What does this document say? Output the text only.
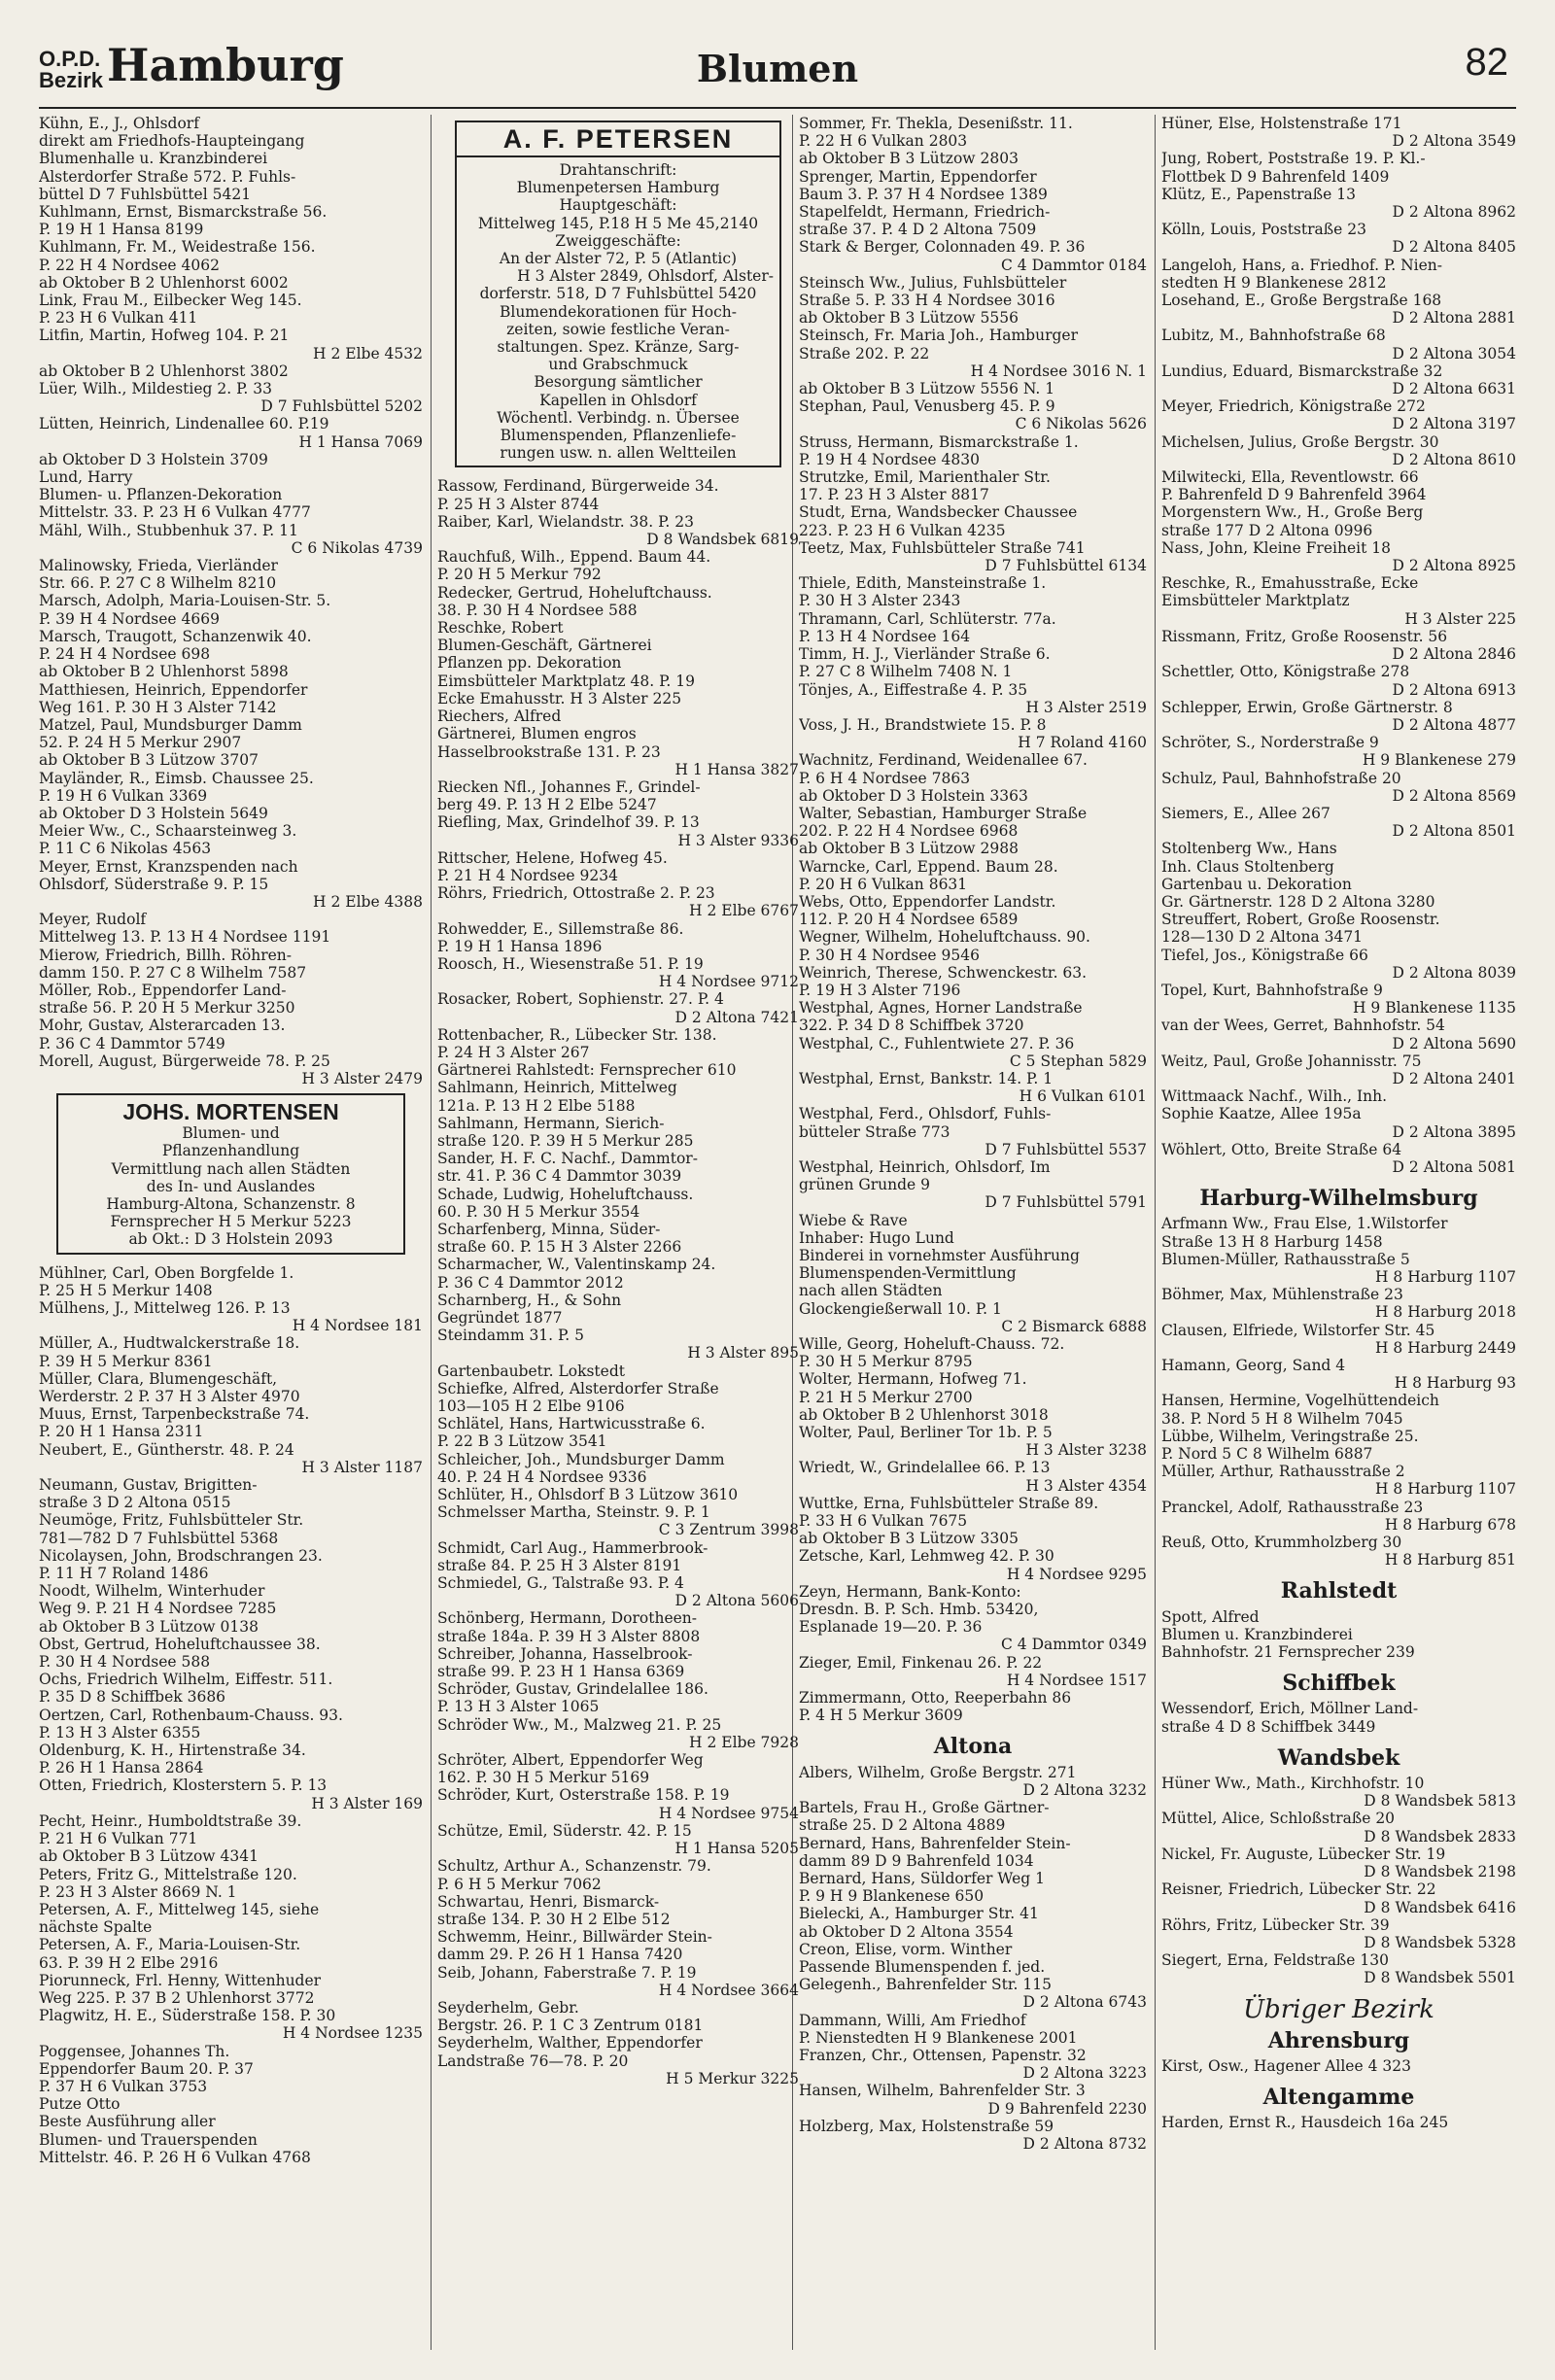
O.P.D.
Bezirk Hamburg	Blumen	82
Kühn, E., J., Ohlsdorf
direkt am Friedhofs-Haupteingang
Blumenhalle u. Kranzbinderei
Alsterdorfer Straße 572. P. Fuhls-
büttel D 7 Fuhlsbüttel 5421
Kuhlmann, Ernst, Bismarckstraße 56.
P. 19 H 1 Hansa 8199
Kuhlmann, Fr. M., Weidestraße 156.
P. 22 H 4 Nordsee 4062
ab Oktober B 2 Uhlenhorst 6002
Link, Frau M., Eilbecker Weg 145.
P. 23 H 6 Vulkan 411
Litfin, Martin, Hofweg 104. P. 21
H 2 Elbe 4532
ab Oktober B 2 Uhlenhorst 3802
Lüer, Wilh., Mildestieg 2. P. 33
D 7 Fuhlsbüttel 5202
Lütten, Heinrich, Lindenallee 60. P.19
H 1 Hansa 7069
ab Oktober D 3 Holstein 3709
Lund, Harry
Blumen- u. Pflanzen-Dekoration
Mittelstr. 33. P. 23 H 6 Vulkan 4777
Mähl, Wilh., Stubbenhuk 37. P. 11
C 6 Nikolas 4739
Malinowsky, Frieda, Vierländer
Str. 66. P. 27 C 8 Wilhelm 8210
Marsch, Adolph, Maria-Louisen-Str. 5.
P. 39 H 4 Nordsee 4669
Marsch, Traugott, Schanzenwik 40.
P. 24 H 4 Nordsee 698
ab Oktober B 2 Uhlenhorst 5898
Matthiesen, Heinrich, Eppendorfer
Weg 161. P. 30 H 3 Alster 7142
Matzel, Paul, Mundsburger Damm
52. P. 24 H 5 Merkur 2907
ab Oktober B 3 Lützow 3707
Mayländer, R., Eimsb. Chaussee 25.
P. 19 H 6 Vulkan 3369
ab Oktober D 3 Holstein 5649
Meier Ww., C., Schaarsteinweg 3.
P. 11 C 6 Nikolas 4563
Meyer, Ernst, Kranzspenden nach
Ohlsdorf, Süderstraße 9. P. 15
H 2 Elbe 4388
Meyer, Rudolf
Mittelweg 13. P. 13 H 4 Nordsee 1191
Mierow, Friedrich, Billh. Röhren-
damm 150. P. 27 C 8 Wilhelm 7587
Möller, Rob., Eppendorfer Land-
straße 56. P. 20 H 5 Merkur 3250
Mohr, Gustav, Alsterarcaden 13.
P. 36 C 4 Dammtor 5749
Morell, August, Bürgerweide 78. P. 25
H 3 Alster 2479
JOHS. MORTENSEN
Blumen- und
Pflanzenhandlung
Vermittlung nach allen Städten
des In- und Auslandes
Hamburg-Altona, Schanzenstr. 8
Fernsprecher H 5 Merkur 5223
ab Okt.: D 3 Holstein 2093
Mühlner, Carl, Oben Borgfelde 1.
P. 25 H 5 Merkur 1408
Mülhens, J., Mittelweg 126. P. 13
H 4 Nordsee 181
Müller, A., Hudtwalckerstraße 18.
P. 39 H 5 Merkur 8361
Müller, Clara, Blumengeschäft,
Werderstr. 2 P. 37 H 3 Alster 4970
Muus, Ernst, Tarpenbeckstraße 74.
P. 20 H 1 Hansa 2311
Neubert, E., Güntherstr. 48. P. 24
H 3 Alster 1187
Neumann, Gustav, Brigitten-
straße 3 D 2 Altona 0515
Neumöge, Fritz, Fuhlsbütteler Str.
781—782 D 7 Fuhlsbüttel 5368
Nicolaysen, John, Brodschrangen 23.
P. 11 H 7 Roland 1486
Noodt, Wilhelm, Winterhuder
Weg 9. P. 21 H 4 Nordsee 7285
ab Oktober B 3 Lützow 0138
Obst, Gertrud, Hoheluftchaussee 38.
P. 30 H 4 Nordsee 588
Ochs, Friedrich Wilhelm, Eiffestr. 511.
P. 35 D 8 Schiffbek 3686
Oertzen, Carl, Rothenbaum-Chauss. 93.
P. 13 H 3 Alster 6355
Oldenburg, K. H., Hirtenstraße 34.
P. 26 H 1 Hansa 2864
Otten, Friedrich, Klosterstern 5. P. 13
H 3 Alster 169
Pecht, Heinr., Humboldtstraße 39.
P. 21 H 6 Vulkan 771
ab Oktober B 3 Lützow 4341
Peters, Fritz G., Mittelstraße 120.
P. 23 H 3 Alster 8669 N. 1
Petersen, A. F., Mittelweg 145, siehe
nächste Spalte
Petersen, A. F., Maria-Louisen-Str.
63. P. 39 H 2 Elbe 2916
Piorunneck, Frl. Henny, Wittenhuder
Weg 225. P. 37 B 2 Uhlenhorst 3772
Plagwitz, H. E., Süderstraße 158. P. 30
H 4 Nordsee 1235
Poggensee, Johannes Th.
Eppendorfer Baum 20. P. 37
P. 37 H 6 Vulkan 3753
Putze Otto
Beste Ausführung aller
Blumen- und Trauerspenden
Mittelstr. 46. P. 26 H 6 Vulkan 4768
A. F. PETERSEN
Drahtanschrift:
Blumenpetersen Hamburg
Hauptgeschäft:
Mittelweg 145, P.18 H 5 Me 45,2140
Zweiggeschäfte:
An der Alster 72, P. 5 (Atlantic)
H 3 Alster 2849, Ohlsdorf, Alster-
dorferstr. 518, D 7 Fuhlsbüttel 5420
Blumendekorationen für Hoch-
zeiten, sowie festliche Veran-
staltungen. Spez. Kränze, Sarg-
und Grabschmuck
Besorgung sämtlicher
Kapellen in Ohlsdorf
Wöchentl. Verbindg. n. Übersee
Blumenspenden, Pflanzenliefe-
rungen usw. n. allen Weltteilen
Rassow, Ferdinand, Bürgerweide 34.
P. 25 H 3 Alster 8744
Raiber, Karl, Wielandstr. 38. P. 23
D 8 Wandsbek 6819
Rauchfuß, Wilh., Eppend. Baum 44.
P. 20 H 5 Merkur 792
Redecker, Gertrud, Hoheluftchauss.
38. P. 30 H 4 Nordsee 588
Reschke, Robert
Blumen-Geschäft, Gärtnerei
Pflanzen pp. Dekoration
Eimsbütteler Marktplatz 48. P. 19
Ecke Emahusstr. H 3 Alster 225
Riechers, Alfred
Gärtnerei, Blumen engros
Hasselbrookstraße 131. P. 23
H 1 Hansa 3827
Riecken Nfl., Johannes F., Grindel-
berg 49. P. 13 H 2 Elbe 5247
Riefling, Max, Grindelhof 39. P. 13
H 3 Alster 9336
Rittscher, Helene, Hofweg 45.
P. 21 H 4 Nordsee 9234
Röhrs, Friedrich, Ottostraße 2. P. 23
H 2 Elbe 6767
Rohwedder, E., Sillemstraße 86.
P. 19 H 1 Hansa 1896
Roosch, H., Wiesenstraße 51. P. 19
H 4 Nordsee 9712
Rosacker, Robert, Sophienstr. 27. P. 4
D 2 Altona 7421
Rottenbacher, R., Lübecker Str. 138.
P. 24 H 3 Alster 267
Gärtnerei Rahlstedt: Fernsprecher 610
Sahlmann, Heinrich, Mittelweg
121a. P. 13 H 2 Elbe 5188
Sahlmann, Hermann, Sierich-
straße 120. P. 39 H 5 Merkur 285
Sander, H. F. C. Nachf., Dammtor-
str. 41. P. 36 C 4 Dammtor 3039
Schade, Ludwig, Hoheluftchauss.
60. P. 30 H 5 Merkur 3554
Scharfenberg, Minna, Süder-
straße 60. P. 15 H 3 Alster 2266
Scharmacher, W., Valentinskamp 24.
P. 36 C 4 Dammtor 2012
Scharnberg, H., & Sohn
Gegründet 1877
Steindamm 31. P. 5
H 3 Alster 895
Gartenbaubetr. Lokstedt
Schiefke, Alfred, Alsterdorfer Straße
103—105 H 2 Elbe 9106
Schlätel, Hans, Hartwicusstraße 6.
P. 22 B 3 Lützow 3541
Schleicher, Joh., Mundsburger Damm
40. P. 24 H 4 Nordsee 9336
Schlüter, H., Ohlsdorf B 3 Lützow 3610
Schmelsser Martha, Steinstr. 9. P. 1
C 3 Zentrum 3998
Schmidt, Carl Aug., Hammerbrook-
straße 84. P. 25 H 3 Alster 8191
Schmiedel, G., Talstraße 93. P. 4
D 2 Altona 5606
Schönberg, Hermann, Dorotheen-
straße 184a. P. 39 H 3 Alster 8808
Schreiber, Johanna, Hasselbrook-
straße 99. P. 23 H 1 Hansa 6369
Schröder, Gustav, Grindelallee 186.
P. 13 H 3 Alster 1065
Schröder Ww., M., Malzweg 21. P. 25
H 2 Elbe 7928
Schröter, Albert, Eppendorfer Weg
162. P. 30 H 5 Merkur 5169
Schröder, Kurt, Osterstraße 158. P. 19
H 4 Nordsee 9754
Schütze, Emil, Süderstr. 42. P. 15
H 1 Hansa 5205
Schultz, Arthur A., Schanzenstr. 79.
P. 6 H 5 Merkur 7062
Schwartau, Henri, Bismarck-
straße 134. P. 30 H 2 Elbe 512
Schwemm, Heinr., Billwärder Stein-
damm 29. P. 26 H 1 Hansa 7420
Seib, Johann, Faberstraße 7. P. 19
H 4 Nordsee 3664
Seyderhelm, Gebr.
Bergstr. 26. P. 1 C 3 Zentrum 0181
Seyderhelm, Walther, Eppendorfer
Landstraße 76—78. P. 20
H 5 Merkur 3225
Sommer, Fr. Thekla, Desenißstr. 11.
P. 22 H 6 Vulkan 2803
ab Oktober B 3 Lützow 2803
Sprenger, Martin, Eppendorfer
Baum 3. P. 37 H 4 Nordsee 1389
Stapelfeldt, Hermann, Friedrich-
straße 37. P. 4 D 2 Altona 7509
Stark & Berger, Colonnaden 49. P. 36
C 4 Dammtor 0184
Steinsch Ww., Julius, Fuhlsbütteler
Straße 5. P. 33 H 4 Nordsee 3016
ab Oktober B 3 Lützow 5556
Steinsch, Fr. Maria Joh., Hamburger
Straße 202. P. 22
H 4 Nordsee 3016 N. 1
ab Oktober B 3 Lützow 5556 N. 1
Stephan, Paul, Venusberg 45. P. 9
C 6 Nikolas 5626
Struss, Hermann, Bismarckstraße 1.
P. 19 H 4 Nordsee 4830
Strutzke, Emil, Marienthaler Str.
17. P. 23 H 3 Alster 8817
Studt, Erna, Wandsbecker Chaussee
223. P. 23 H 6 Vulkan 4235
Teetz, Max, Fuhlsbütteler Straße 741
D 7 Fuhlsbüttel 6134
Thiele, Edith, Mansteinstraße 1.
P. 30 H 3 Alster 2343
Thramann, Carl, Schlüterstr. 77a.
P. 13 H 4 Nordsee 164
Timm, H. J., Vierländer Straße 6.
P. 27 C 8 Wilhelm 7408 N. 1
Tönjes, A., Eiffestraße 4. P. 35
H 3 Alster 2519
Voss, J. H., Brandstwiete 15. P. 8
H 7 Roland 4160
Wachnitz, Ferdinand, Weidenallee 67.
P. 6 H 4 Nordsee 7863
ab Oktober D 3 Holstein 3363
Walter, Sebastian, Hamburger Straße
202. P. 22 H 4 Nordsee 6968
ab Oktober B 3 Lützow 2988
Warncke, Carl, Eppend. Baum 28.
P. 20 H 6 Vulkan 8631
Webs, Otto, Eppendorfer Landstr.
112. P. 20 H 4 Nordsee 6589
Wegner, Wilhelm, Hoheluftchauss. 90.
P. 30 H 4 Nordsee 9546
Weinrich, Therese, Schwenckestr. 63.
P. 19 H 3 Alster 7196
Westphal, Agnes, Horner Landstraße
322. P. 34 D 8 Schiffbek 3720
Westphal, C., Fuhlentwiete 27. P. 36
C 5 Stephan 5829
Westphal, Ernst, Bankstr. 14. P. 1
H 6 Vulkan 6101
Westphal, Ferd., Ohlsdorf, Fuhls-
bütteler Straße 773
D 7 Fuhlsbüttel 5537
Westphal, Heinrich, Ohlsdorf, Im
grünen Grunde 9
D 7 Fuhlsbüttel 5791
Wiebe & Rave
Inhaber: Hugo Lund
Binderei in vornehmster Ausführung
Blumenspenden-Vermittlung
nach allen Städten
Glockengießerwall 10. P. 1
C 2 Bismarck 6888
Wille, Georg, Hoheluft-Chauss. 72.
P. 30 H 5 Merkur 8795
Wolter, Hermann, Hofweg 71.
P. 21 H 5 Merkur 2700
ab Oktober B 2 Uhlenhorst 3018
Wolter, Paul, Berliner Tor 1b. P. 5
H 3 Alster 3238
Wriedt, W., Grindelallee 66. P. 13
H 3 Alster 4354
Wuttke, Erna, Fuhlsbütteler Straße 89.
P. 33 H 6 Vulkan 7675
ab Oktober B 3 Lützow 3305
Zetsche, Karl, Lehmweg 42. P. 30
H 4 Nordsee 9295
Zeyn, Hermann, Bank-Konto:
Dresdn. B. P. Sch. Hmb. 53420,
Esplanade 19—20. P. 36
C 4 Dammtor 0349
Zieger, Emil, Finkenau 26. P. 22
H 4 Nordsee 1517
Zimmermann, Otto, Reeperbahn 86
P. 4 H 5 Merkur 3609
Altona
Albers, Wilhelm, Große Bergstr. 271
D 2 Altona 3232
Bartels, Frau H., Große Gärtner-
straße 25. D 2 Altona 4889
Bernard, Hans, Bahrenfelder Stein-
damm 89 D 9 Bahrenfeld 1034
Bernard, Hans, Süldorfer Weg 1
P. 9 H 9 Blankenese 650
Bielecki, A., Hamburger Str. 41
ab Oktober D 2 Altona 3554
Creon, Elise, vorm. Winther
Passende Blumenspenden f. jed.
Gelegenh., Bahrenfelder Str. 115
D 2 Altona 6743
Dammann, Willi, Am Friedhof
P. Nienstedten H 9 Blankenese 2001
Franzen, Chr., Ottensen, Papenstr. 32
D 2 Altona 3223
Hansen, Wilhelm, Bahrenfelder Str. 3
D 9 Bahrenfeld 2230
Holzberg, Max, Holstenstraße 59
D 2 Altona 8732
Hüner, Else, Holstenstraße 171
D 2 Altona 3549
Jung, Robert, Poststraße 19. P. Kl.-
Flottbek D 9 Bahrenfeld 1409
Klütz, E., Papenstraße 13
D 2 Altona 8962
Kölln, Louis, Poststraße 23
D 2 Altona 8405
Langeloh, Hans, a. Friedhof. P. Nien-
stedten H 9 Blankenese 2812
Losehand, E., Große Bergstraße 168
D 2 Altona 2881
Lubitz, M., Bahnhofstraße 68
D 2 Altona 3054
Lundius, Eduard, Bismarckstraße 32
D 2 Altona 6631
Meyer, Friedrich, Königstraße 272
D 2 Altona 3197
Michelsen, Julius, Große Bergstr. 30
D 2 Altona 8610
Milwitecki, Ella, Reventlowstr. 66
P. Bahrenfeld D 9 Bahrenfeld 3964
Morgenstern Ww., H., Große Berg
straße 177 D 2 Altona 0996
Nass, John, Kleine Freiheit 18
D 2 Altona 8925
Reschke, R., Emahusstraße, Ecke
Eimsbütteler Marktplatz
H 3 Alster 225
Rissmann, Fritz, Große Roosenstr. 56
D 2 Altona 2846
Schettler, Otto, Königstraße 278
D 2 Altona 6913
Schlepper, Erwin, Große Gärtnerstr. 8
D 2 Altona 4877
Schröter, S., Norderstraße 9
H 9 Blankenese 279
Schulz, Paul, Bahnhofstraße 20
D 2 Altona 8569
Siemers, E., Allee 267
D 2 Altona 8501
Stoltenberg Ww., Hans
Inh. Claus Stoltenberg
Gartenbau u. Dekoration
Gr. Gärtnerstr. 128 D 2 Altona 3280
Streuffert, Robert, Große Roosenstr.
128—130 D 2 Altona 3471
Tiefel, Jos., Königstraße 66
D 2 Altona 8039
Topel, Kurt, Bahnhofstraße 9
H 9 Blankenese 1135
van der Wees, Gerret, Bahnhofstr. 54
D 2 Altona 5690
Weitz, Paul, Große Johannisstr. 75
D 2 Altona 2401
Wittmaack Nachf., Wilh., Inh.
Sophie Kaatze, Allee 195a
D 2 Altona 3895
Wöhlert, Otto, Breite Straße 64
D 2 Altona 5081
Harburg-Wilhelmsburg
Arfmann Ww., Frau Else, 1.Wilstorfer
Straße 13 H 8 Harburg 1458
Blumen-Müller, Rathausstraße 5
H 8 Harburg 1107
Böhmer, Max, Mühlenstraße 23
H 8 Harburg 2018
Clausen, Elfriede, Wilstorfer Str. 45
H 8 Harburg 2449
Hamann, Georg, Sand 4
H 8 Harburg 93
Hansen, Hermine, Vogelhüttendeich
38. P. Nord 5 H 8 Wilhelm 7045
Lübbe, Wilhelm, Veringstraße 25.
P. Nord 5 C 8 Wilhelm 6887
Müller, Arthur, Rathausstraße 2
H 8 Harburg 1107
Pranckel, Adolf, Rathausstraße 23
H 8 Harburg 678
Reuß, Otto, Krummholzberg 30
H 8 Harburg 851
Rahlstedt
Spott, Alfred
Blumen u. Kranzbinderei
Bahnhofstr. 21 Fernsprecher 239
Schiffbek
Wessendorf, Erich, Möllner Land-
straße 4 D 8 Schiffbek 3449
Wandsbek
Hüner Ww., Math., Kirchhofstr. 10
D 8 Wandsbek 5813
Müttel, Alice, Schloßstraße 20
D 8 Wandsbek 2833
Nickel, Fr. Auguste, Lübecker Str. 19
D 8 Wandsbek 2198
Reisner, Friedrich, Lübecker Str. 22
D 8 Wandsbek 6416
Röhrs, Fritz, Lübecker Str. 39
D 8 Wandsbek 5328
Siegert, Erna, Feldstraße 130
D 8 Wandsbek 5501
Übriger Bezirk
Ahrensburg
Kirst, Osw., Hagener Allee 4 323
Altengamme
Harden, Ernst R., Hausdeich 16a 245
